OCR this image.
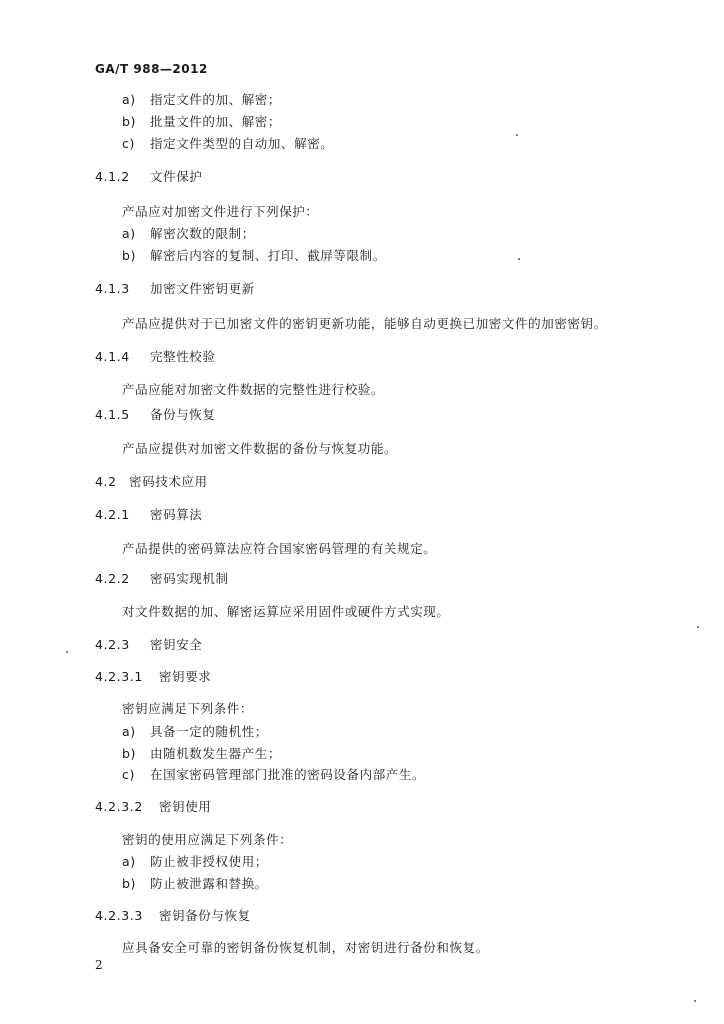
GA/T 988—2012
a) 指定文件的加、解密；
b) 批量文件的加、解密；
c) 指定文件类型的自动加、解密。
4.1.2 文件保护
产品应对加密文件进行下列保护：
a) 解密次数的限制；
b) 解密后内容的复制、打印、截屏等限制。
4.1.3 加密文件密钥更新
产品应提供对于已加密文件的密钥更新功能，能够自动更换已加密文件的加密密钥。
4.1.4 完整性校验
产品应能对加密文件数据的完整性进行校验。
4.1.5 备份与恢复
产品应提供对加密文件数据的备份与恢复功能。
4.2 密码技术应用
4.2.1 密码算法
产品提供的密码算法应符合国家密码管理的有关规定。
4.2.2 密码实现机制
对文件数据的加、解密运算应采用固件或硬件方式实现。
4.2.3 密钥安全
4.2.3.1 密钥要求
密钥应满足下列条件：
a) 具备一定的随机性；
b) 由随机数发生器产生；
c) 在国家密码管理部门批准的密码设备内部产生。
4.2.3.2 密钥使用
密钥的使用应满足下列条件：
a) 防止被非授权使用；
b) 防止被泄露和替换。
4.2.3.3 密钥备份与恢复
应具备安全可靠的密钥备份恢复机制，对密钥进行备份和恢复。
2
